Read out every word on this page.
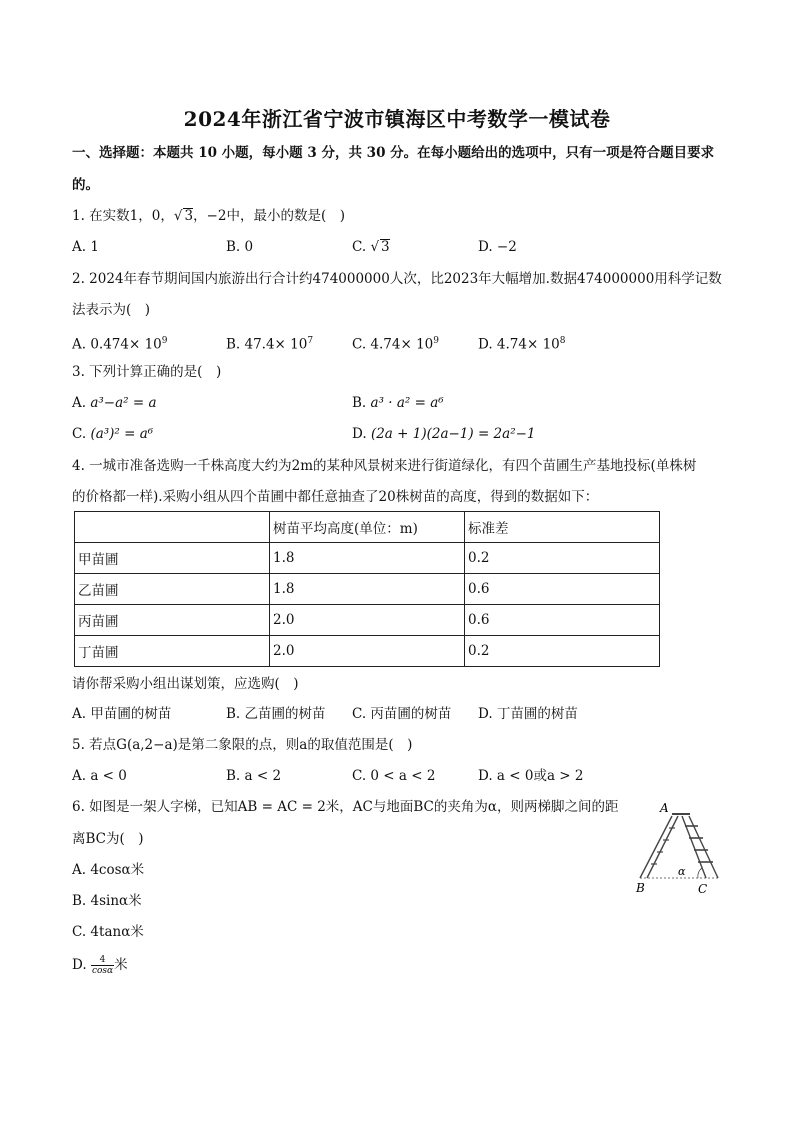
2024年浙江省宁波市镇海区中考数学一模试卷
一、选择题：本题共 10 小题，每小题 3 分，共 30 分。在每小题给出的选项中，只有一项是符合题目要求
的。
1. 在实数1，0，√ 3，−2中，最小的数是(　)
A. 1	B. 0	C. √ 3	D. −2
2. 2024年春节期间国内旅游出行合计约474000000人次，比2023年大幅增加.数据474000000用科学记数
法表示为(　)
A. $0.474\times 10^9$	B. $47.4\times 10^7$	C. $4.74\times 10^9$	D. $4.74\times 10^8$
3. 下列计算正确的是(　)
A. a³−a² = a	B. a³ · a² = a⁶
C. (a³)² = a⁶	D. (2a + 1)(2a−1) = 2a²−1
4. 一城市准备选购一千株高度大约为2m的某种风景树来进行街道绿化，有四个苗圃生产基地投标(单株树
的价格都一样).采购小组从四个苗圃中都任意抽查了20株树苗的高度，得到的数据如下：
	树苗平均高度(单位：m)	标准差
甲苗圃	1.8	0.2
乙苗圃	1.8	0.6
丙苗圃	2.0	0.6
丁苗圃	2.0	0.2
请你帮采购小组出谋划策，应选购(　)
A. 甲苗圃的树苗	B. 乙苗圃的树苗 C. 丙苗圃的树苗 D. 丁苗圃的树苗
5. 若点G(a,2−a)是第二象限的点，则a的取值范围是(　)
A. a < 0	B. a < 2	C. 0 < a < 2	D. a < 0或a > 2
6. 如图是一架人字梯，已知AB = AC = 2米，AC与地面BC的夹角为α，则两梯脚之间的距
离BC为(　)
A. 4cosα米
B. 4sinα米
C. 4tanα米
D. $\frac{4}{\cos\alpha}$ 米
A
B	C
α
